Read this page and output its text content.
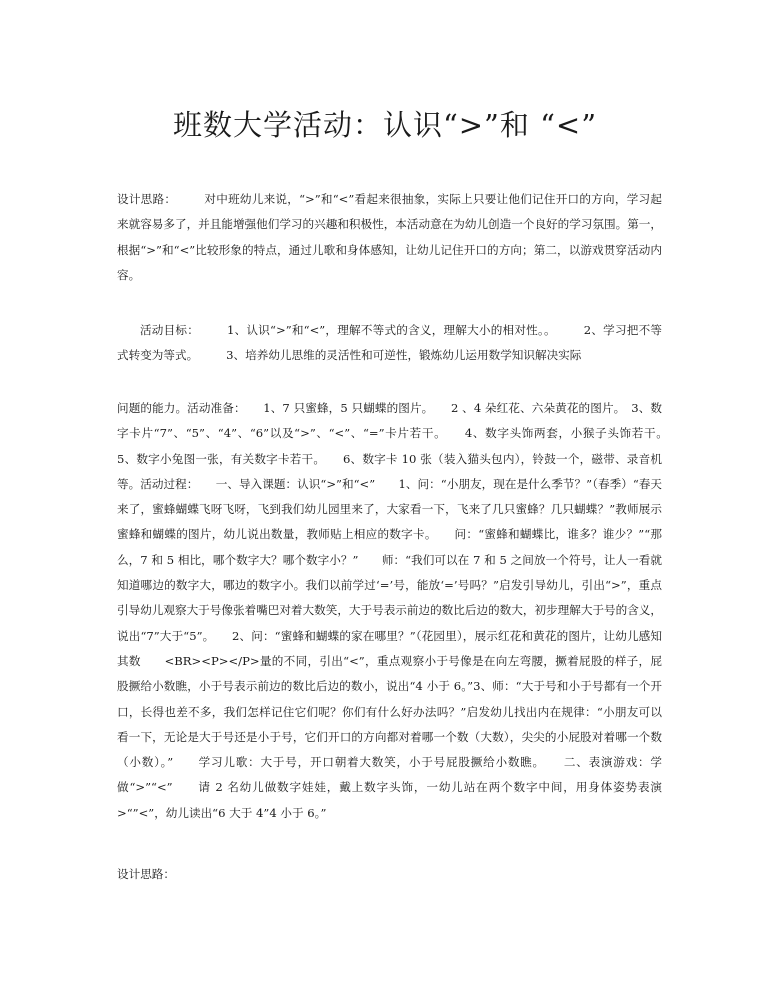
班数大学活动：认识“>”和 “<”
设计思路： 对中班幼儿来说，“>”和“<”看起来很抽象，实际上只要让他们记住开口的方向，学习起来就容易多了，并且能增强他们学习的兴趣和积极性，本活动意在为幼儿创造一个良好的学习氛围。第一，根据“>”和“<”比较形象的特点，通过儿歌和身体感知，让幼儿记住开口的方向；第二，以游戏贯穿活动内容。
活动目标： 1、认识“>”和“<”，理解不等式的含义，理解大小的相对性。。 2、学习把不等式转变为等式。 3、培养幼儿思维的灵活性和可逆性，锻炼幼儿运用数学知识解决实际
问题的能力。活动准备：　　1、7 只蜜蜂，5 只蝴蝶的图片。　　2 、4 朵红花、六朵黄花的图片。　3、数字卡片“7”、“5”、“4”、“6”以及“>”、“<”、“=”卡片若干。　　4、数字头饰两套，小猴子头饰若干。　　5、数字小兔图一张，有关数字卡若干。　　6、数字卡 10 张（装入猫头包内），铃鼓一个，磁带、录音机等。活动过程：　　一、导入课题：认识“>”和“<”　　1、问：“小朋友，现在是什么季节？”（春季）“春天来了，蜜蜂蝴蝶飞呀飞呀，飞到我们幼儿园里来了，大家看一下，飞来了几只蜜蜂？几只蝴蝶？”教师展示蜜蜂和蝴蝶的图片，幼儿说出数量，教师贴上相应的数字卡。　　问：“蜜蜂和蝴蝶比，谁多？谁少？”“那么，7 和 5 相比，哪个数字大？哪个数字小？”　　师：“我们可以在 7 和 5 之间放一个符号，让人一看就知道哪边的数字大，哪边的数字小。我们以前学过‘=’号，能放‘=’号吗？”启发引导幼儿，引出“>”，重点引导幼儿观察大于号像张着嘴巴对着大数笑，大于号表示前边的数比后边的数大，初步理解大于号的含义，说出“7”大于“5”。　　2、问：“蜜蜂和蝴蝶的家在哪里？”（花园里），展示红花和黄花的图片，让幼儿感知其数　　<BR><P></P>量的不同，引出“<”，重点观察小于号像是在向左弯腰，撅着屁股的样子，屁股撅给小数瞧，小于号表示前边的数比后边的数小，说出“4 小于 6。”3、师：“大于号和小于号都有一个开口，长得也差不多，我们怎样记住它们呢？你们有什么好办法吗？”启发幼儿找出内在规律：“小朋友可以看一下，无论是大于号还是小于号，它们开口的方向都对着哪一个数（大数），尖尖的小屁股对着哪一个数（小数）。”　　学习儿歌：大于号，开口朝着大数笑，小于号屁股撅给小数瞧。　　二、表演游戏：学做“>”“<”　　请 2 名幼儿做数字娃娃，戴上数字头饰，一幼儿站在两个数字中间，用身体姿势表演>“”<”，幼儿读出“6 大于 4”4 小于 6。”
设计思路：
